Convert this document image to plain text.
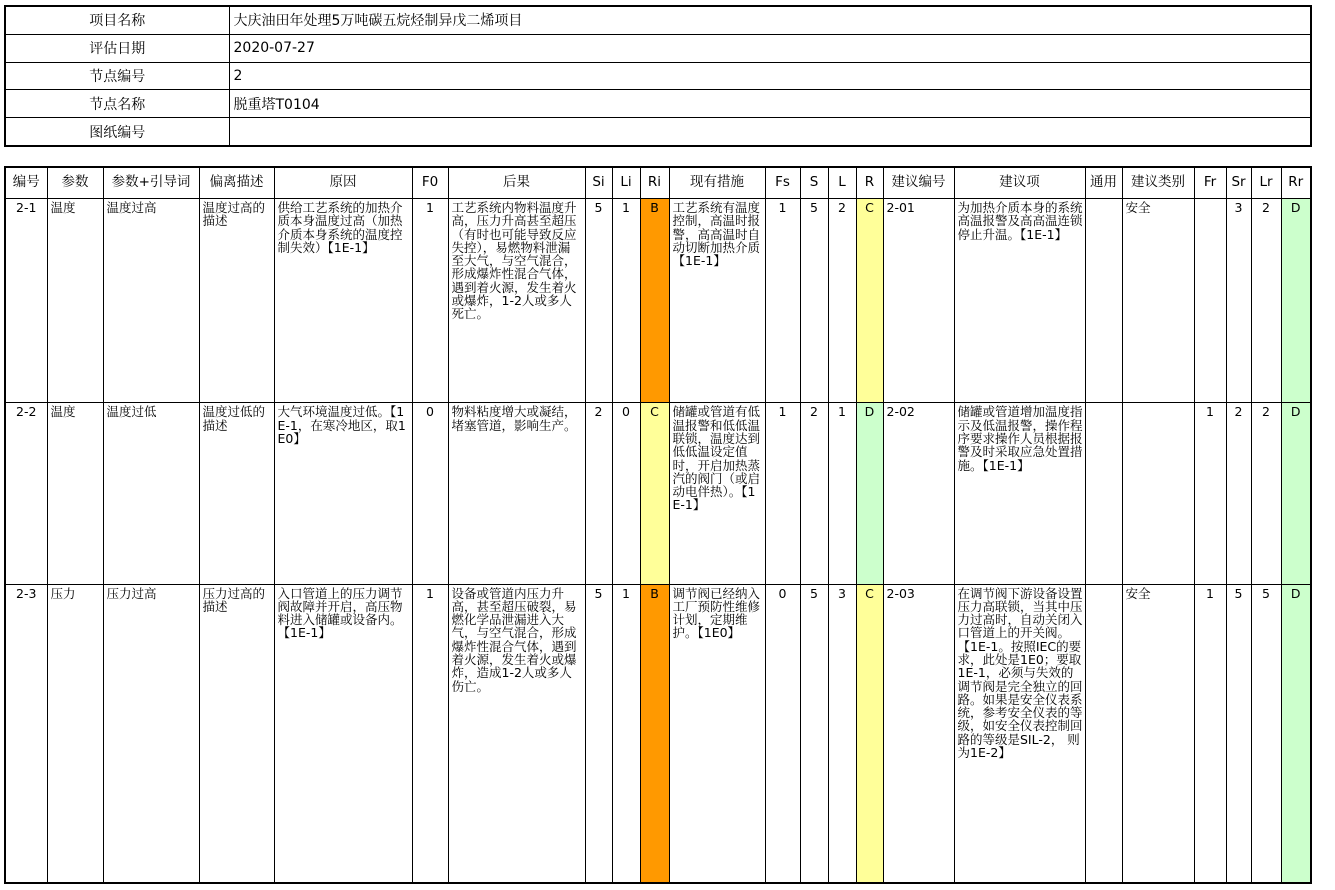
项目名称	大庆油田年处理5万吨碳五烷烃制异戊二烯项目
评估日期	2020-07-27
节点编号	2
节点名称	脱重塔T0104
图纸编号	
编号	参数	参数+引导词	偏离描述	原因	F0	后果	Si	Li	Ri	现有措施	Fs	S	L	R	建议编号	建议项	通用	建议类别	Fr	Sr	Lr	Rr
2-1	温度	温度过高	温度过高的描述	供给工艺系统的加热介质本身温度过高（加热介质本身系统的温度控制失效）【1E-1】	1	工艺系统内物料温度升高，压力升高甚至超压（有时也可能导致反应失控），易燃物料泄漏至大气，与空气混合，形成爆炸性混合气体，遇到着火源，发生着火或爆炸，1-2人或多人死亡。	5	1	B	工艺系统有温度控制，高温时报警，高高温时自动切断加热介质【1E-1】	1	5	2	C	2-01	为加热介质本身的系统高温报警及高高温连锁停止升温。【1E-1】		安全		3	2	D
2-2	温度	温度过低	温度过低的描述	大气环境温度过低。【1E-1，在寒冷地区，取1E0】	0	物料粘度增大或凝结，堵塞管道，影响生产。	2	0	C	储罐或管道有低温报警和低低温联锁，温度达到低低温设定值时，开启加热蒸汽的阀门（或启动电伴热）。【1E-1】	1	2	1	D	2-02	储罐或管道增加温度指示及低温报警，操作程序要求操作人员根据报警及时采取应急处置措施。【1E-1】			1	2	2	D
2-3	压力	压力过高	压力过高的描述	入口管道上的压力调节阀故障并开启，高压物料进入储罐或设备内。【1E-1】	1	设备或管道内压力升高，甚至超压破裂，易燃化学品泄漏进入大气，与空气混合，形成爆炸性混合气体，遇到着火源，发生着火或爆炸，造成1-2人或多人伤亡。	5	1	B	调节阀已经纳入工厂预防性维修计划，定期维护。【1E0】	0	5	3	C	2-03	在调节阀下游设备设置压力高联锁，当其中压力过高时，自动关闭入口管道上的开关阀。【1E-1。按照IEC的要求，此处是1E0；要取1E-1，必须与失效的调节阀是完全独立的回路。如果是安全仪表系统，参考安全仪表的等级，如安全仪表控制回路的等级是SIL-2， 则为1E-2】		安全	1	5	5	D
